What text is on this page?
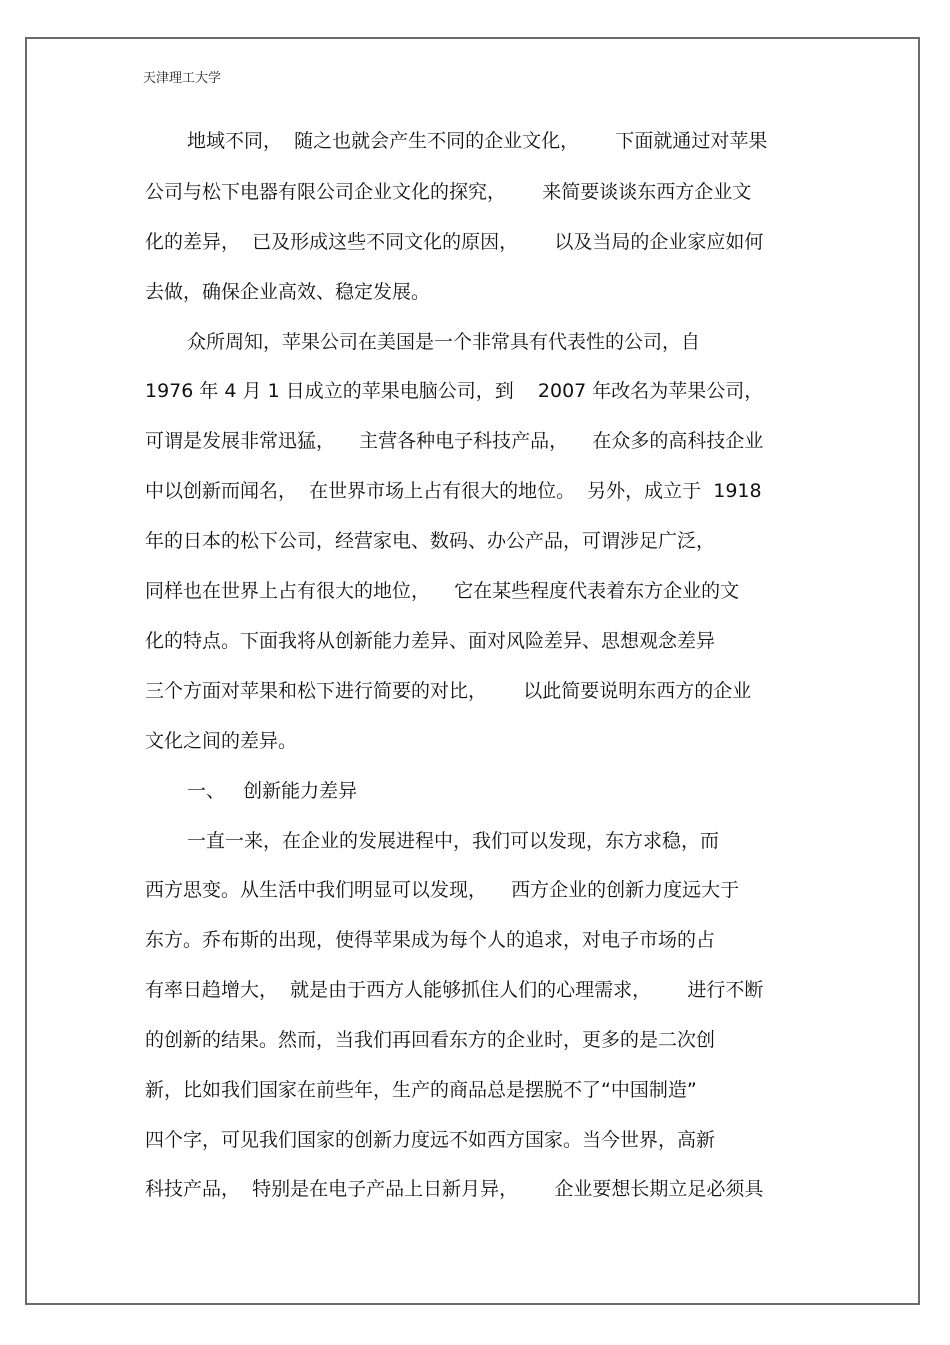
天津理工大学
地域不同，  随之也就会产生不同的企业文化，      下面就通过对苹果
公司与松下电器有限公司企业文化的探究，      来简要谈谈东西方企业文
化的差异，  已及形成这些不同文化的原因，      以及当局的企业家应如何
去做，确保企业高效、稳定发展。
众所周知，苹果公司在美国是一个非常具有代表性的公司，自
1976 年 4 月 1 日成立的苹果电脑公司，到    2007 年改名为苹果公司，
可谓是发展非常迅猛，    主营各种电子科技产品，    在众多的高科技企业
中以创新而闻名，  在世界市场上占有很大的地位。  另外，成立于  1918
年的日本的松下公司，经营家电、数码、办公产品，可谓涉足广泛，
同样也在世界上占有很大的地位，    它在某些程度代表着东方企业的文
化的特点。下面我将从创新能力差异、面对风险差异、思想观念差异
三个方面对苹果和松下进行简要的对比，      以此简要说明东西方的企业
文化之间的差异。
一、   创新能力差异
一直一来，在企业的发展进程中，我们可以发现，东方求稳，而
西方思变。从生活中我们明显可以发现，    西方企业的创新力度远大于
东方。乔布斯的出现，使得苹果成为每个人的追求，对电子市场的占
有率日趋增大，  就是由于西方人能够抓住人们的心理需求，      进行不断
的创新的结果。然而，当我们再回看东方的企业时，更多的是二次创
新，比如我们国家在前些年，生产的商品总是摆脱不了“中国制造”
四个字，可见我们国家的创新力度远不如西方国家。当今世界，高新
科技产品，  特别是在电子产品上日新月异，      企业要想长期立足必须具
